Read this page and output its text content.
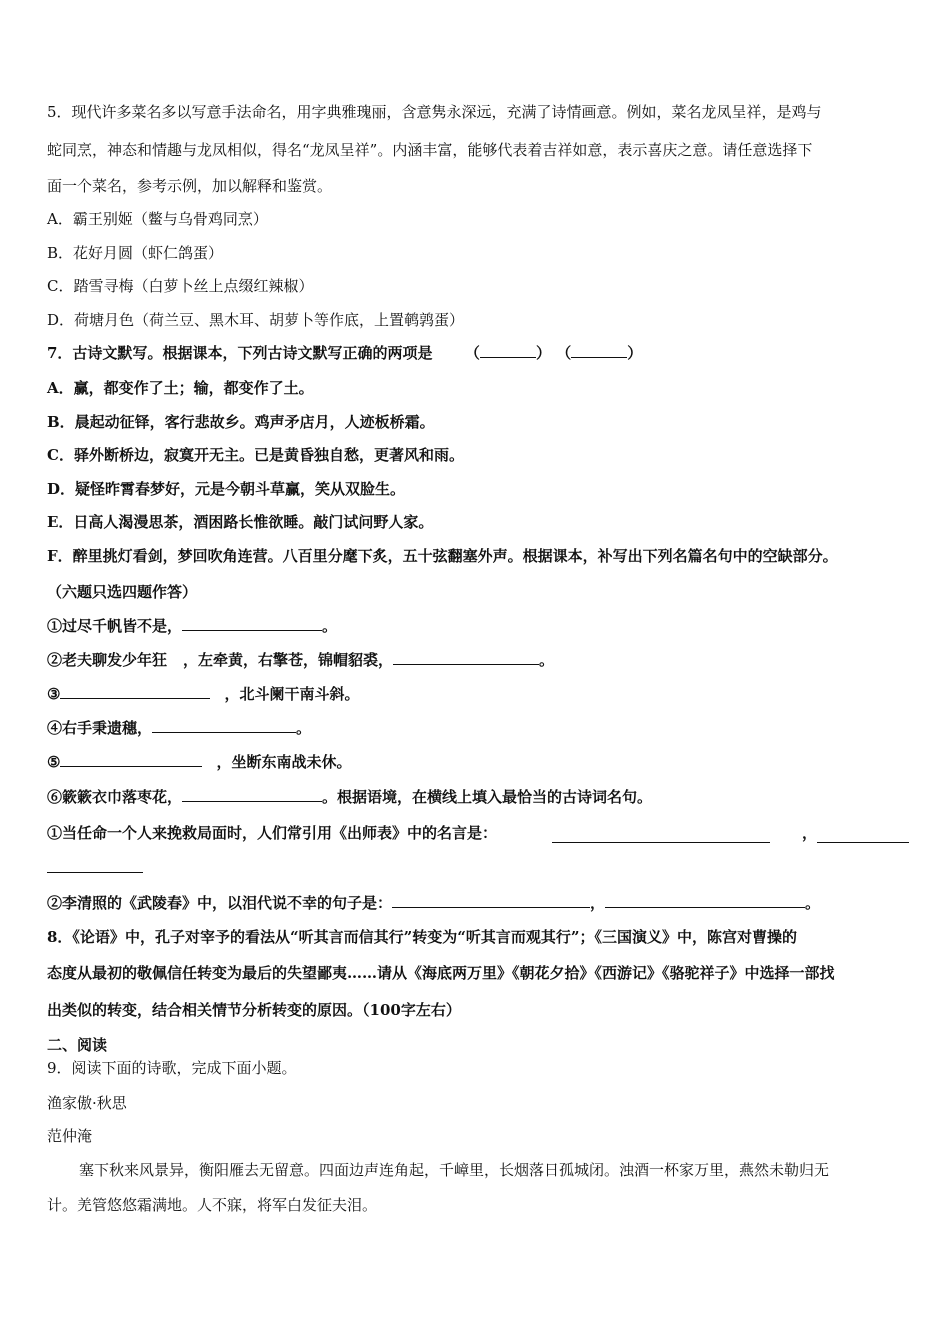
5．现代许多菜名多以写意手法命名，用字典雅瑰丽，含意隽永深远，充满了诗情画意。例如，菜名龙凤呈祥，是鸡与
蛇同烹，神态和情趣与龙凤相似，得名“龙凤呈祥”。内涵丰富，能够代表着吉祥如意，表示喜庆之意。请任意选择下
面一个菜名，参考示例，加以解释和鉴赏。
A．霸王别姬（鳖与乌骨鸡同烹）
B．花好月圆（虾仁鸽蛋）
C．踏雪寻梅（白萝卜丝上点缀红辣椒）
D．荷塘月色（荷兰豆、黑木耳、胡萝卜等作底，上置鹌鹑蛋）
7．古诗文默写。根据课本，下列古诗文默写正确的两项是 （	） （	）
A．赢，都变作了土；输，都变作了土。
B．晨起动征铎，客行悲故乡。鸡声矛店月，人迹板桥霜。
C．驿外断桥边，寂寞开无主。已是黄昏独自愁，更著风和雨。
D．疑怪昨霄春梦好，元是今朝斗草赢，笑从双脸生。
E．日高人渴漫思茶，酒困路长惟欲睡。敲门试问野人家。
F．醉里挑灯看剑，梦回吹角连营。八百里分麾下炙，五十弦翻塞外声。根据课本，补写出下列名篇名句中的空缺部分。
（六题只选四题作答）
①过尽千帆皆不是，	。
②老夫聊发少年狂 ，左牵黄，右擎苍，锦帽貂裘，	。
③	，北斗阑干南斗斜。
④右手秉遗穗，	。
⑤	，坐断东南战未休。
⑥簌簌衣巾落枣花，	。根据语境，在横线上填入最恰当的古诗词名句。
①当任命一个人来挽救局面时，人们常引用《出师表》中的名言是：	，
②李清照的《武陵春》中，以泪代说不幸的句子是：	，	。
8．《论语》中，孔子对宰予的看法从“听其言而信其行”转变为“听其言而观其行”；《三国演义》中，陈宫对曹操的
态度从最初的敬佩信任转变为最后的失望鄙夷……请从《海底两万里》《朝花夕拾》《西游记》《骆驼祥子》中选择一部找
出类似的转变，结合相关情节分析转变的原因。（100字左右）
二、阅读
9．阅读下面的诗歌，完成下面小题。
渔家傲·秋思
范仲淹
塞下秋来风景异，衡阳雁去无留意。四面边声连角起，千嶂里，长烟落日孤城闭。浊酒一杯家万里，燕然未勒归无
计。羌管悠悠霜满地。人不寐，将军白发征夫泪。
